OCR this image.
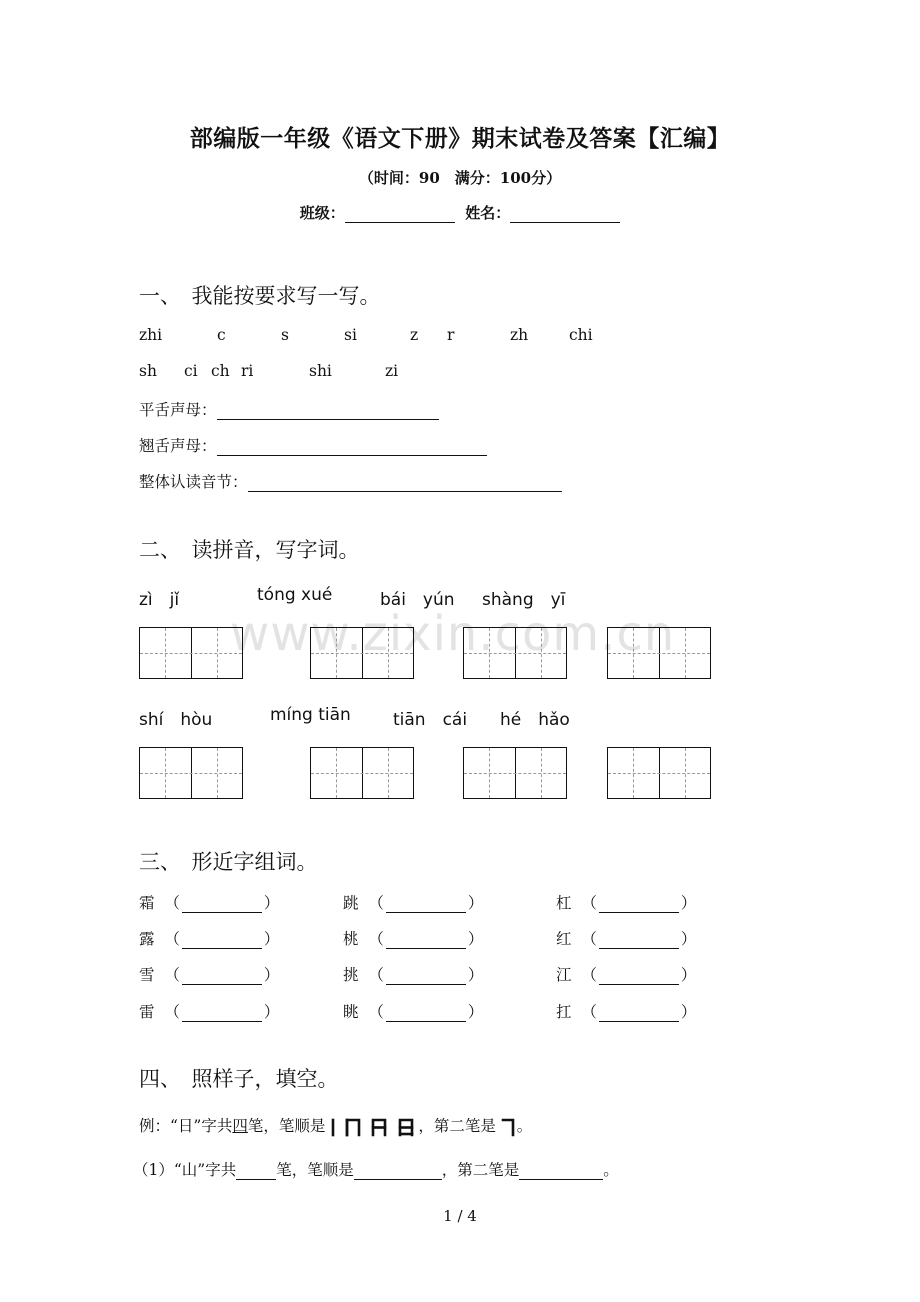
www.zixin.com.cn
部编版一年级《语文下册》期末试卷及答案【汇编】
（时间：90　满分：100分）
班级：	姓名：
一、　我能按要求写一写。
zhi	c	s	si	z r	zh	chi
sh ci ch ri	shi	zi
平舌声母：
翘舌声母：
整体认读音节：
二、　读拼音，写字词。
zì　jǐ	tóng xué	bái　yún shàng　yī
shí　hòu	míng tiān tiān　cái hé　hǎo
三、　形近字组词。
霜 （	）	跳 （	）	杠 （	）
露 （	）	桃 （	）	红 （	）
雪 （	）	挑 （	）	江 （	）
雷 （	）	眺 （	）	扛 （	）
四、　照样子，填空。
例：“日”字共四笔，笔顺是	，第二笔是 。
（1）“山”字共	笔，笔顺是	，第二笔是	。
1 / 4
